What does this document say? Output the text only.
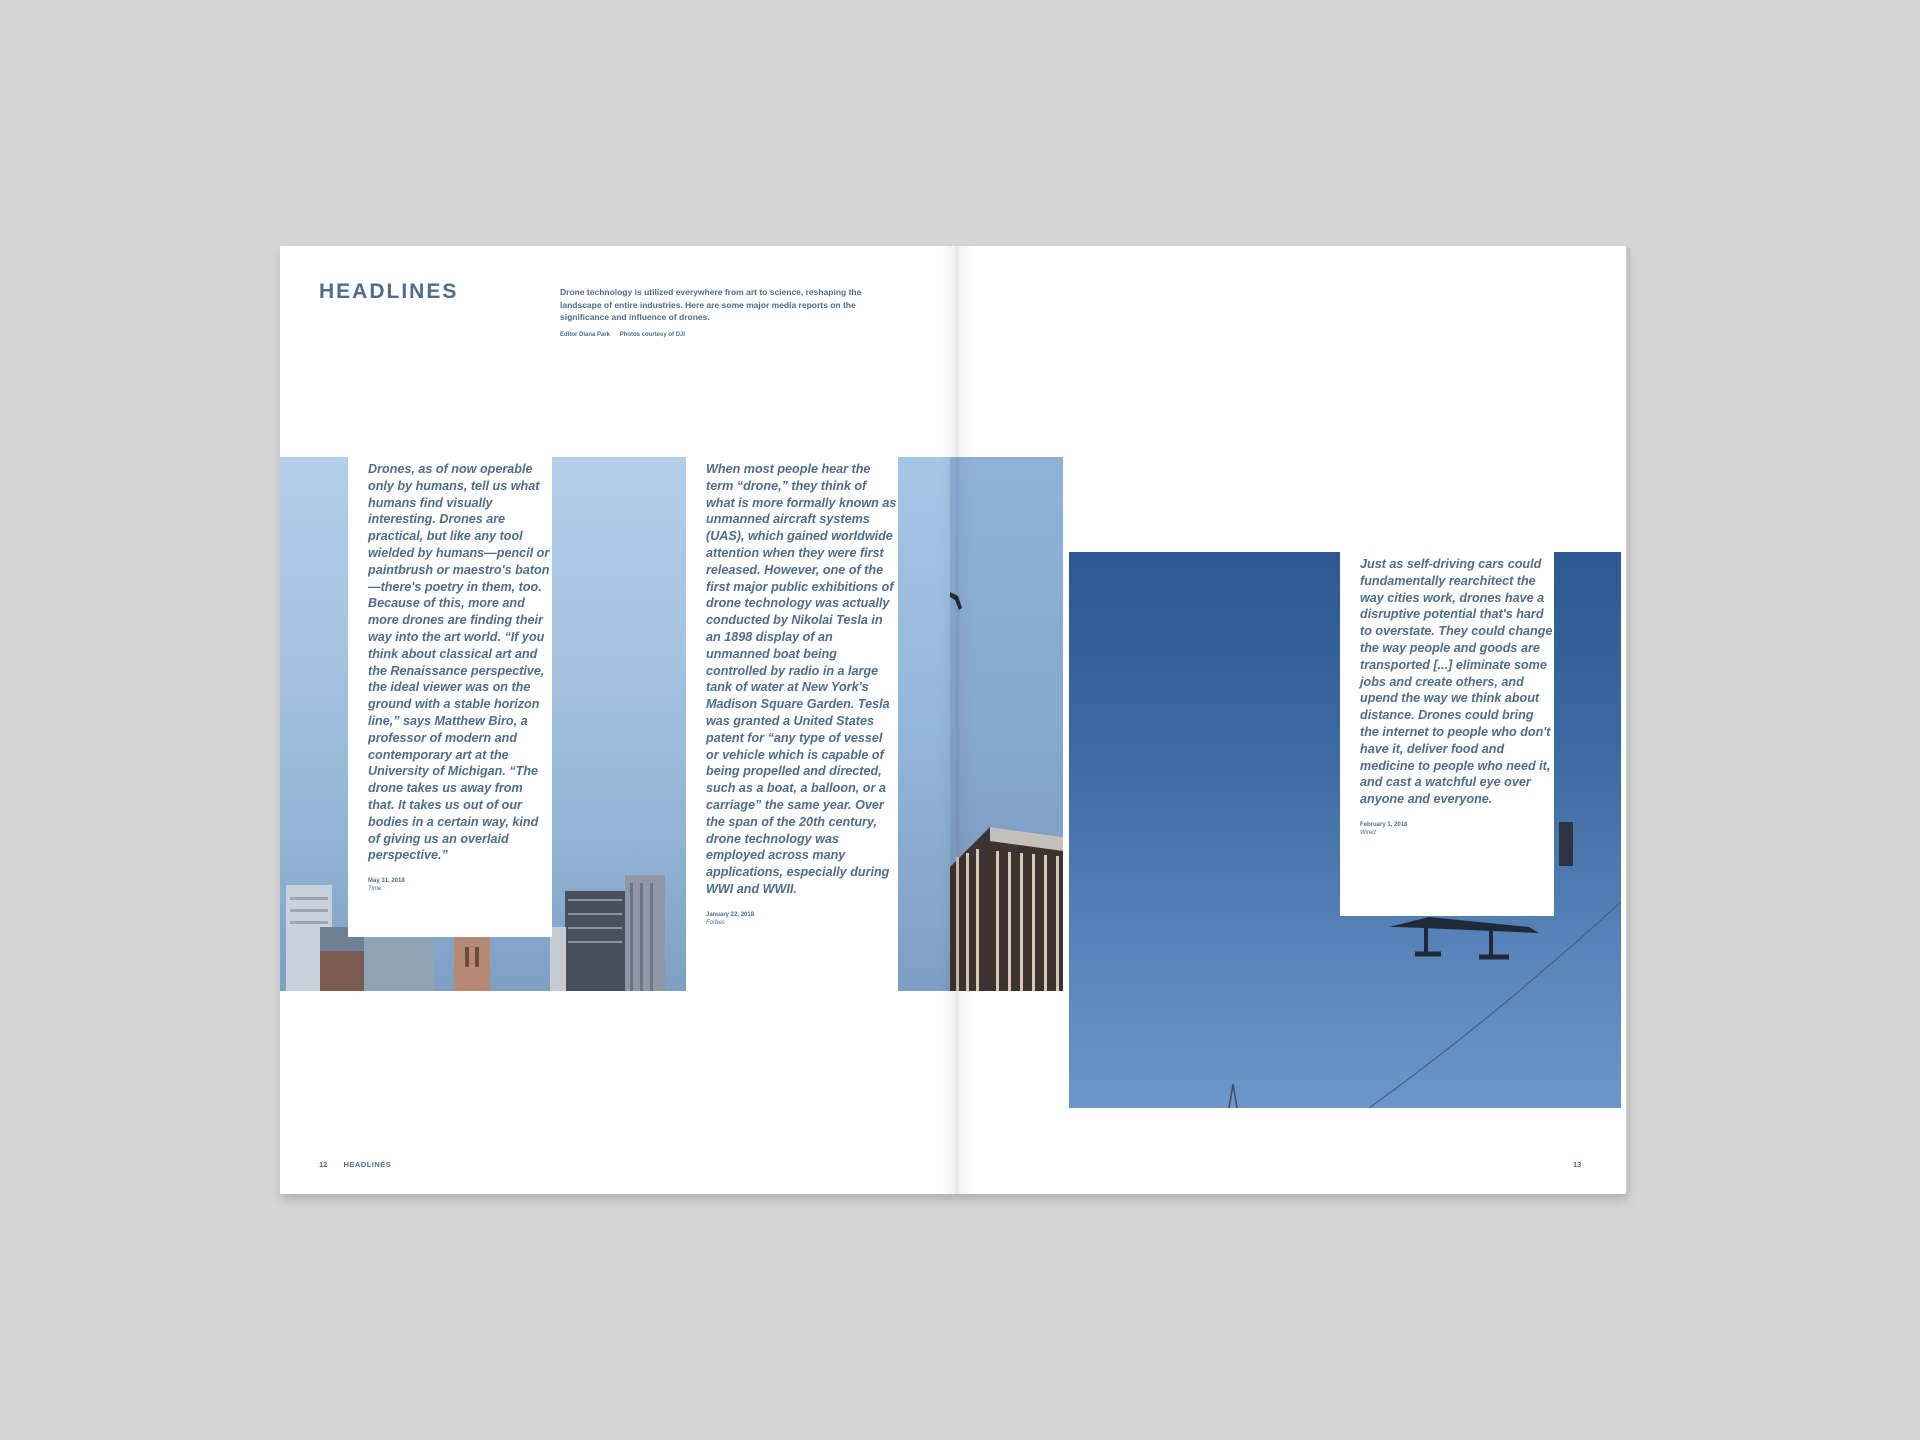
HEADLINES	Drone technology is utilized everywhere from art to science, reshaping the landscape of entire industries. Here are some major media reports on the significance and influence of drones.

Editor Diana Park Photos courtesy of DJI

Drones, as of now operable only by humans, tell us what humans find visually interesting. Drones are practical, but like any tool wielded by humans—pencil or paintbrush or maestro's baton—there's poetry in them, too. Because of this, more and more drones are finding their way into the art world. “If you think about classical art and the Renaissance perspective, the ideal viewer was on the ground with a stable horizon line,” says Matthew Biro, a professor of modern and contemporary art at the University of Michigan. “The drone takes us away from that. It takes us out of our bodies in a certain way, kind of giving us an overlaid perspective.”

May 31, 2018
Time

When most people hear the term “drone,” they think of what is more formally known as unmanned aircraft systems (UAS), which gained worldwide attention when they were first released. However, one of the first major public exhibitions of drone technology was actually conducted by Nikolai Tesla in an 1898 display of an unmanned boat being controlled by radio in a large tank of water at New York's Madison Square Garden. Tesla was granted a United States patent for “any type of vessel or vehicle which is capable of being propelled and directed, such as a boat, a balloon, or a carriage” the same year. Over the span of the 20th century, drone technology was employed across many applications, especially during WWI and WWII.

January 22, 2018
Forbes

Just as self-driving cars could fundamentally rearchitect the way cities work, drones have a disruptive potential that's hard to overstate. They could change the way people and goods are transported [...] eliminate some jobs and create others, and upend the way we think about distance. Drones could bring the internet to people who don't have it, deliver food and medicine to people who need it, and cast a watchful eye over anyone and everyone.

February 1, 2018
Wired
12 HEADLINES	13
